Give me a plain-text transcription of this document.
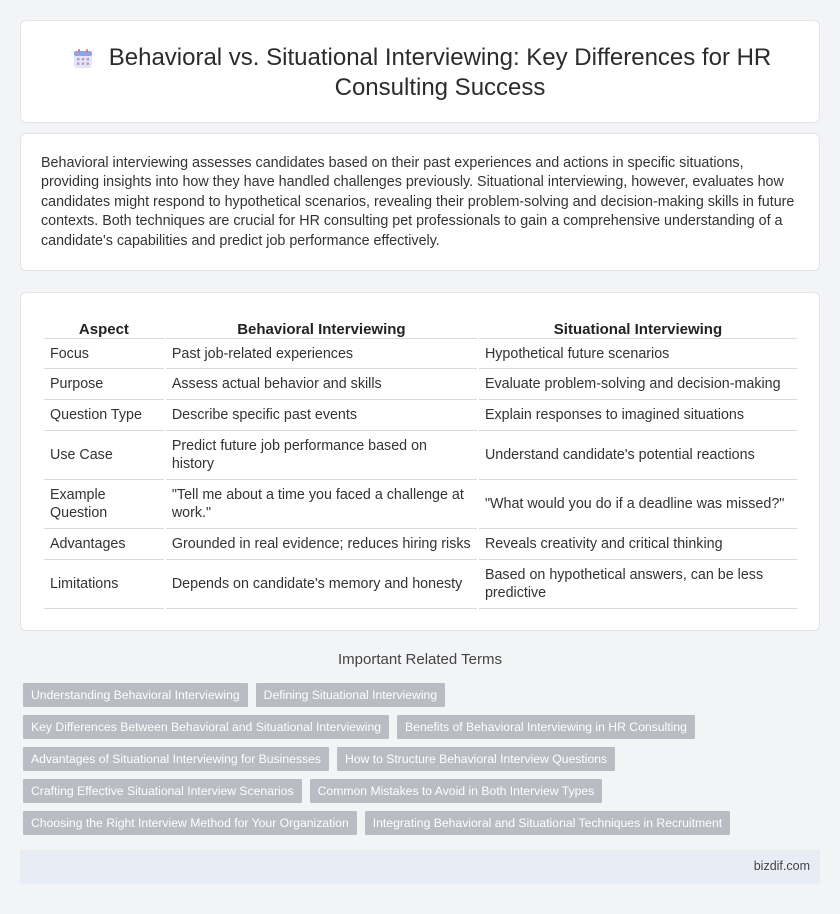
Behavioral vs. Situational Interviewing: Key Differences for HR Consulting Success

Behavioral interviewing assesses candidates based on their past experiences and actions in specific situations, providing insights into how they have handled challenges previously. Situational interviewing, however, evaluates how candidates might respond to hypothetical scenarios, revealing their problem-solving and decision-making skills in future contexts. Both techniques are crucial for HR consulting pet professionals to gain a comprehensive understanding of a candidate's capabilities and predict job performance effectively.

Aspect	Behavioral Interviewing	Situational Interviewing
Focus	Past job-related experiences	Hypothetical future scenarios
Purpose	Assess actual behavior and skills	Evaluate problem-solving and decision-making
Question Type	Describe specific past events	Explain responses to imagined situations
Use Case	Predict future job performance based on history	Understand candidate's potential reactions
Example Question	"Tell me about a time you faced a challenge at work."	"What would you do if a deadline was missed?"
Advantages	Grounded in real evidence; reduces hiring risks	Reveals creativity and critical thinking
Limitations	Depends on candidate's memory and honesty	Based on hypothetical answers, can be less predictive
Important Related Terms
Understanding Behavioral Interviewing	Defining Situational Interviewing
Key Differences Between Behavioral and Situational Interviewing	Benefits of Behavioral Interviewing in HR Consulting
Advantages of Situational Interviewing for Businesses	How to Structure Behavioral Interview Questions
Crafting Effective Situational Interview Scenarios	Common Mistakes to Avoid in Both Interview Types
Choosing the Right Interview Method for Your Organization	Integrating Behavioral and Situational Techniques in Recruitment
bizdif.com
